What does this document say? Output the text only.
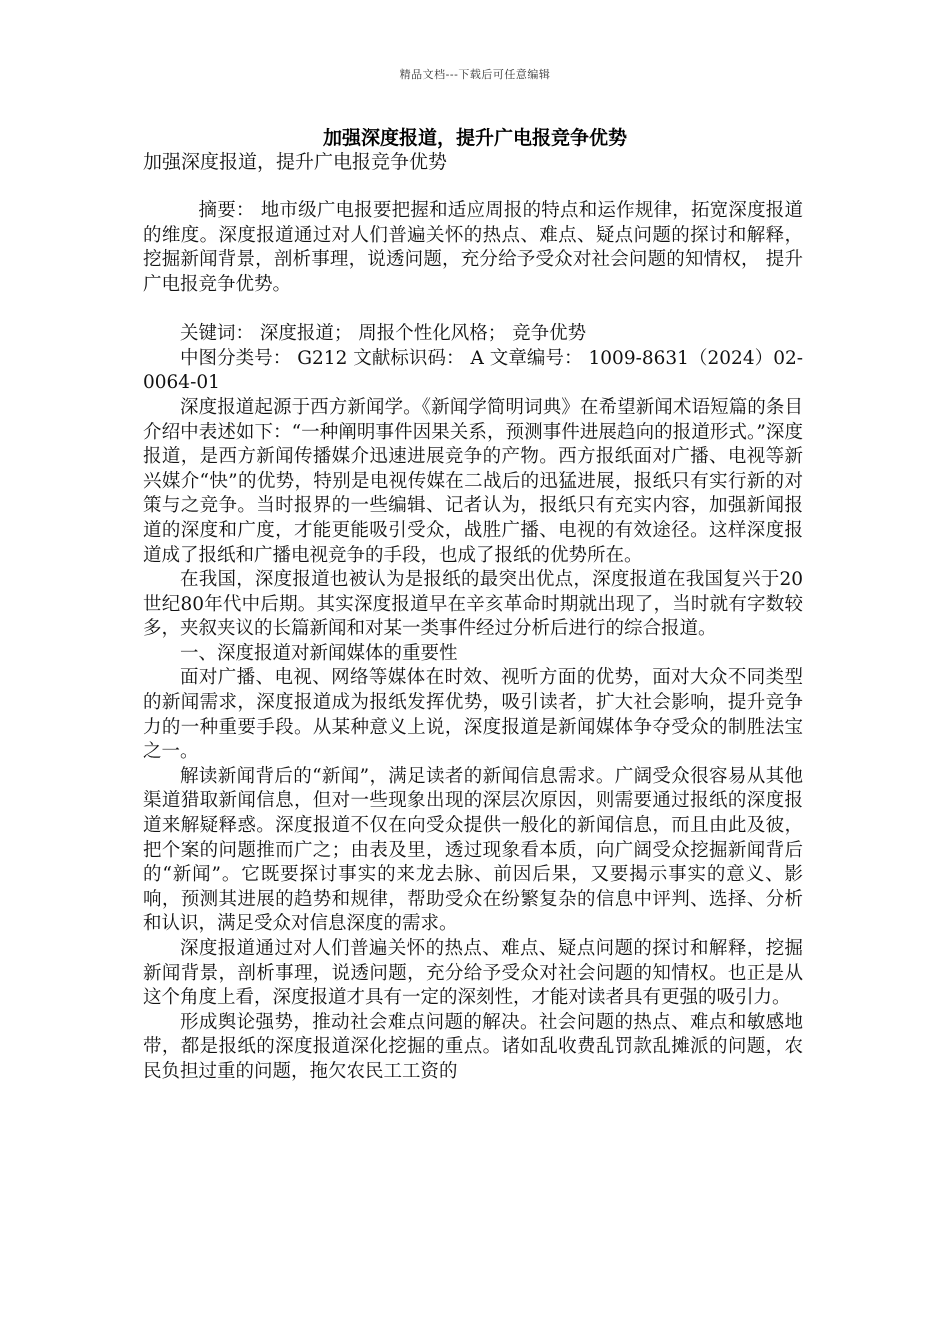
精品文档---下载后可任意编辑
加强深度报道，提升广电报竞争优势

加强深度报道，提升广电报竞争优势

摘要： 地市级广电报要把握和适应周报的特点和运作规律，拓宽深度报道的维度。深度报道通过对人们普遍关怀的热点、难点、疑点问题的探讨和解释，挖掘新闻背景，剖析事理，说透问题，充分给予受众对社会问题的知情权， 提升广电报竞争优势。

关键词： 深度报道； 周报个性化风格； 竞争优势

中图分类号： G212 文献标识码： A 文章编号： 1009-8631（2024）02-0064-01

深度报道起源于西方新闻学。《新闻学简明词典》在希望新闻术语短篇的条目介绍中表述如下：“一种阐明事件因果关系，预测事件进展趋向的报道形式。”深度报道，是西方新闻传播媒介迅速进展竞争的产物。西方报纸面对广播、电视等新兴媒介“快”的优势，特别是电视传媒在二战后的迅猛进展，报纸只有实行新的对策与之竞争。当时报界的一些编辑、记者认为，报纸只有充实内容，加强新闻报道的深度和广度，才能更能吸引受众，战胜广播、电视的有效途径。这样深度报道成了报纸和广播电视竞争的手段，也成了报纸的优势所在。

在我国，深度报道也被认为是报纸的最突出优点，深度报道在我国复兴于20世纪80年代中后期。其实深度报道早在辛亥革命时期就出现了，当时就有字数较多，夹叙夹议的长篇新闻和对某一类事件经过分析后进行的综合报道。

一、深度报道对新闻媒体的重要性

面对广播、电视、网络等媒体在时效、视听方面的优势，面对大众不同类型的新闻需求，深度报道成为报纸发挥优势，吸引读者，扩大社会影响，提升竞争力的一种重要手段。从某种意义上说，深度报道是新闻媒体争夺受众的制胜法宝之一。

解读新闻背后的“新闻”，满足读者的新闻信息需求。广阔受众很容易从其他渠道猎取新闻信息，但对一些现象出现的深层次原因，则需要通过报纸的深度报道来解疑释惑。深度报道不仅在向受众提供一般化的新闻信息，而且由此及彼，把个案的问题推而广之；由表及里，透过现象看本质，向广阔受众挖掘新闻背后的“新闻”。它既要探讨事实的来龙去脉、前因后果，又要揭示事实的意义、影响，预测其进展的趋势和规律，帮助受众在纷繁复杂的信息中评判、选择、分析和认识，满足受众对信息深度的需求。

深度报道通过对人们普遍关怀的热点、难点、疑点问题的探讨和解释，挖掘新闻背景，剖析事理，说透问题，充分给予受众对社会问题的知情权。也正是从这个角度上看，深度报道才具有一定的深刻性，才能对读者具有更强的吸引力。

形成舆论强势，推动社会难点问题的解决。社会问题的热点、难点和敏感地带，都是报纸的深度报道深化挖掘的重点。诸如乱收费乱罚款乱摊派的问题，农民负担过重的问题，拖欠农民工工资的
